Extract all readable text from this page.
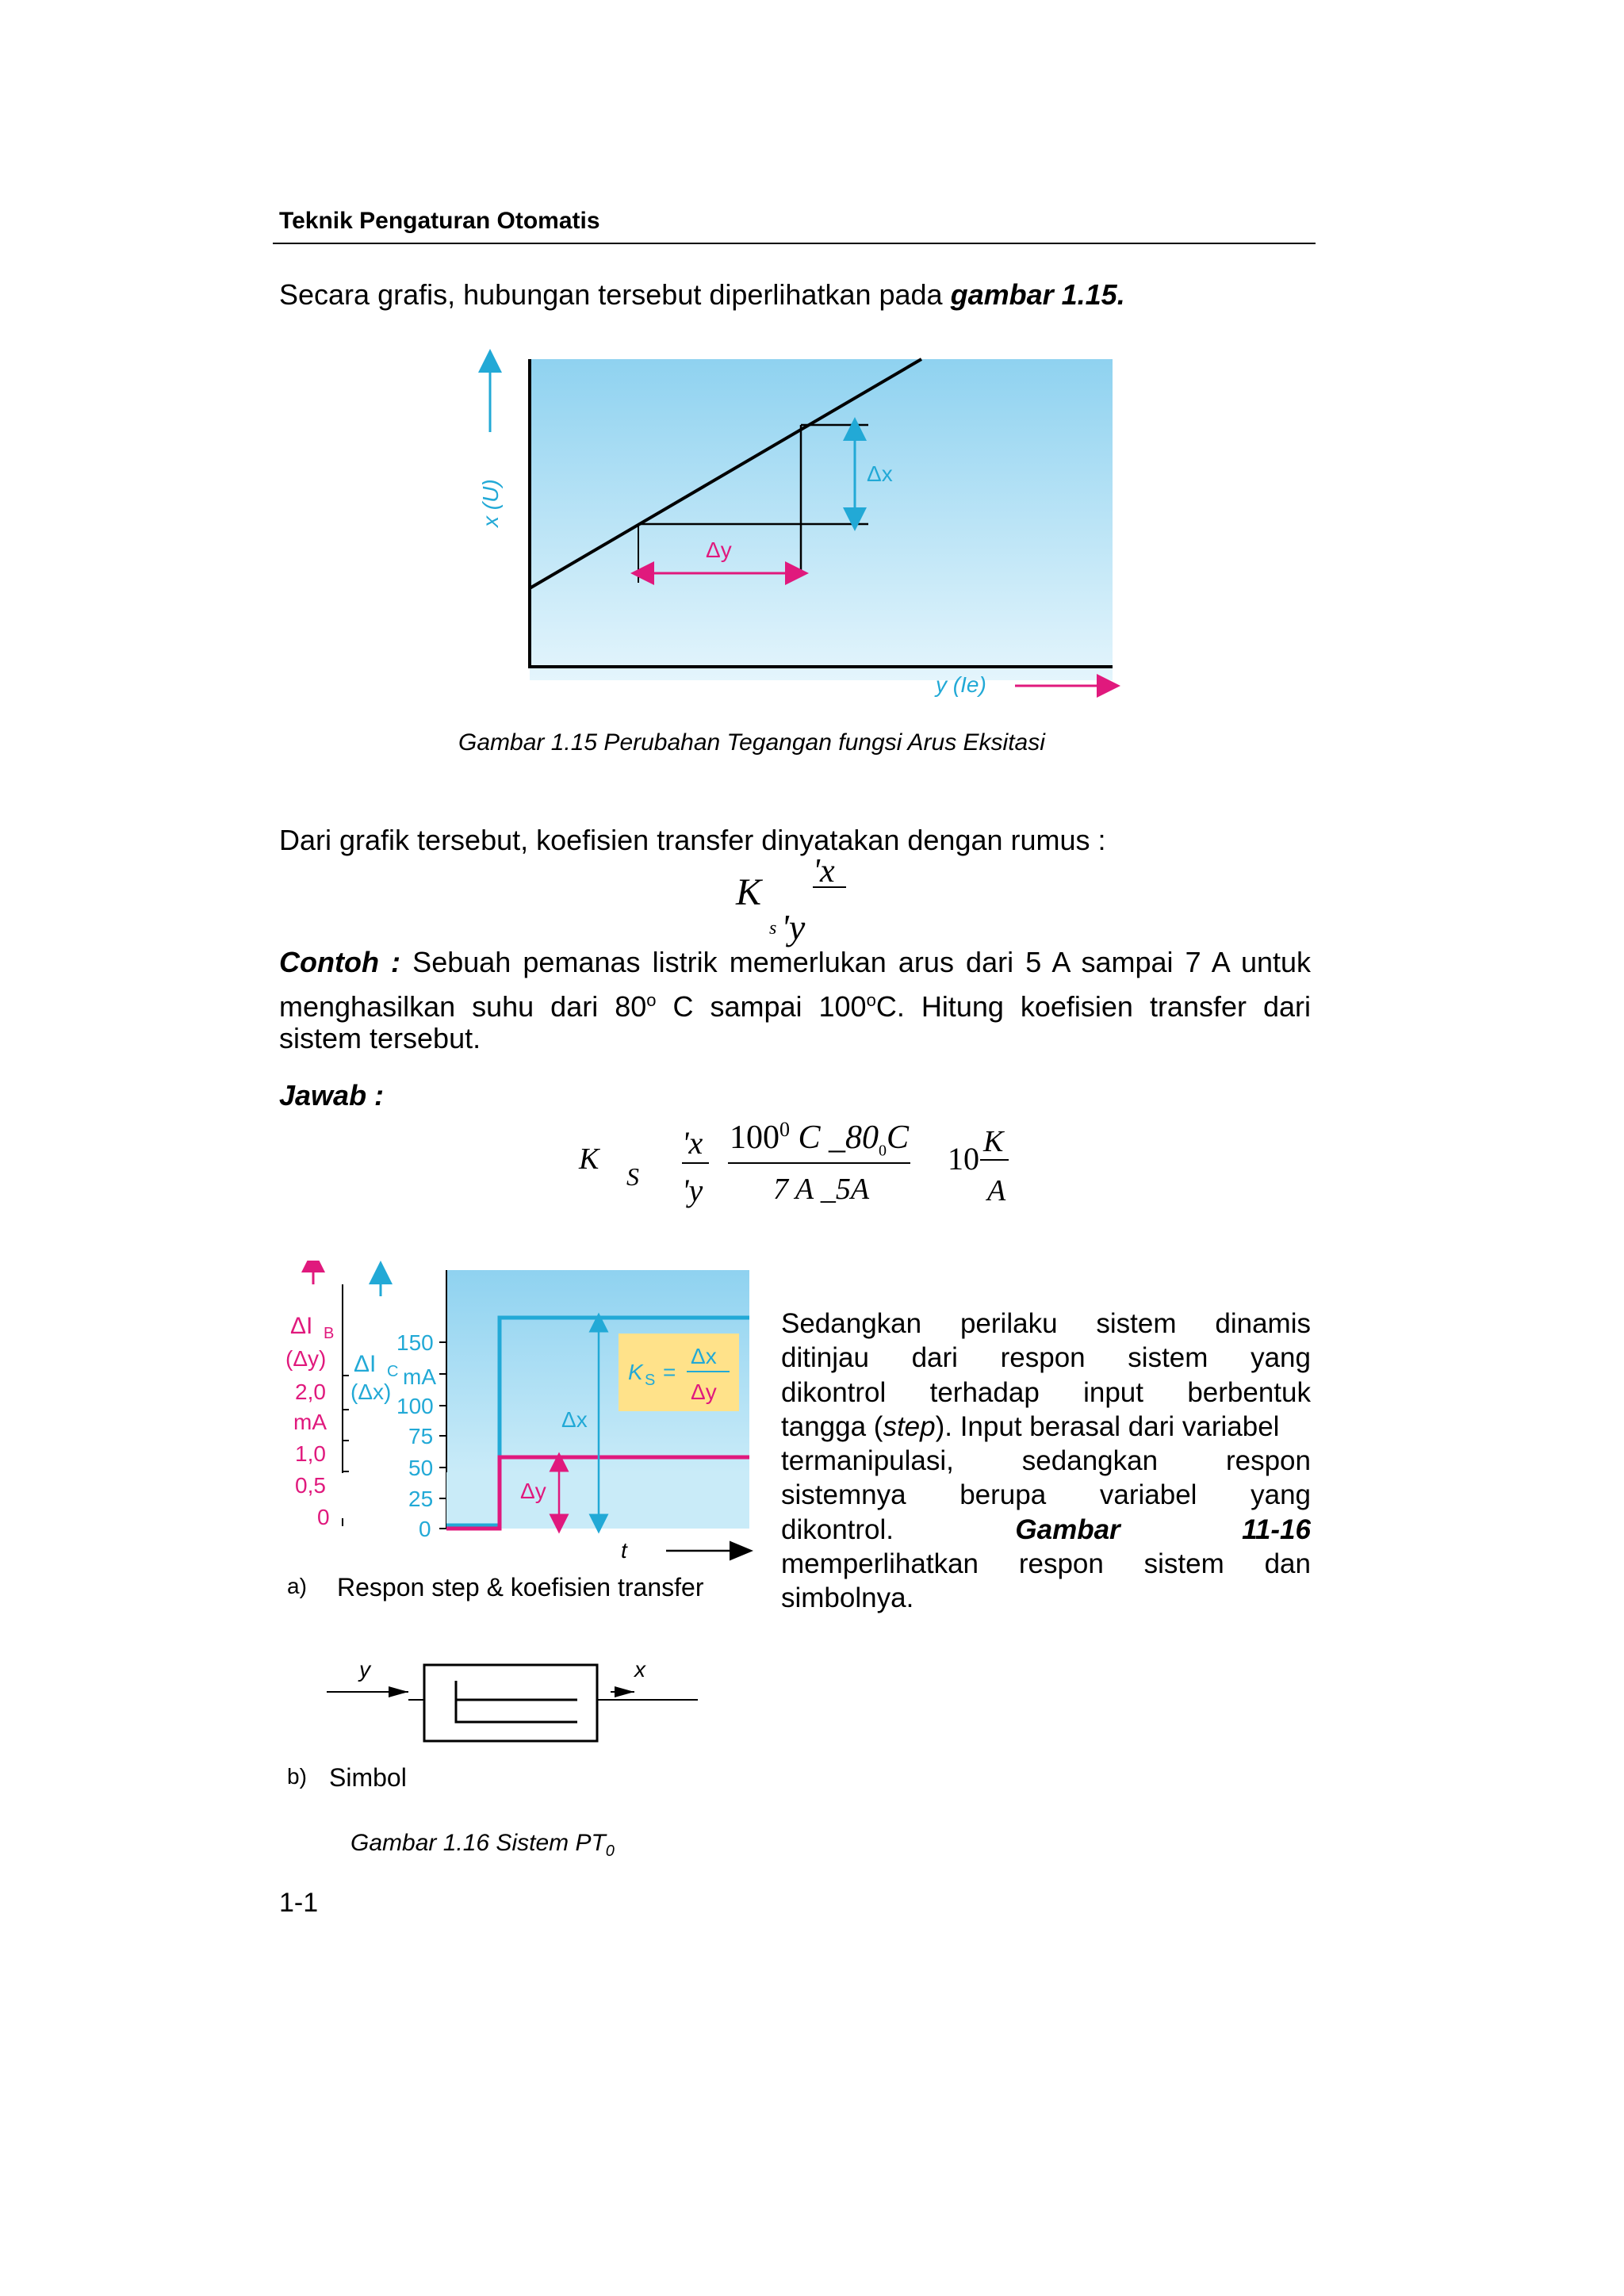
Teknik Pengaturan Otomatis
Secara grafis, hubungan tersebut diperlihatkan pada gambar 1.15.
Δy
Δx
x (U)
y (Ie)
Gambar 1.15 Perubahan Tegangan fungsi Arus Eksitasi
Dari grafik tersebut, koefisien transfer dinyatakan dengan rumus :
K
s
'x
'y
Contoh : Sebuah pemanas listrik memerlukan arus dari 5 A sampai 7 A untuk
menghasilkan suhu dari 80$^o$ C sampai 100$^o$C. Hitung koefisien transfer dari
sistem tersebut.
Jawab :
K
S
'x
'y
$100^0$ C $\_80_0C$
7 A _5A
10 K
A
ΔI B
(Δy)
2,0
mA
1,0
0,5
0
ΔI C mA
(Δx)
150
100
75
50
25
0
Δx
Δy
K S =
Δx
Δy
t
a) Respon step & koefisien transfer
y	x
b) Simbol
Gambar 1.16 Sistem $PT_0$
Sedangkan perilaku sistem dinamis
ditinjau dari respon sistem yang
dikontrol terhadap input berbentuk
tangga (step). Input berasal dari variabel
termanipulasi, sedangkan respon
sistemnya berupa variabel yang
dikontrol.	Gambar	11-16
memperlihatkan respon sistem dan
simbolnya.
1-1
